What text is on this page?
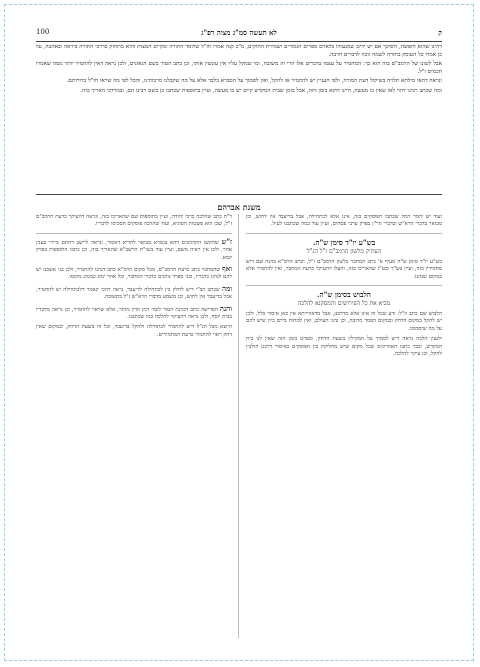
ק
לא תעשה סמ"ג מצוה רפ"ג
100

דהינו שהוא חופשה, ולפיכך אם יש ידים שמנעוהו בלאוים ספרים הגמורים ושמירת החוקים, מ"כ קנה אמרו חז"ל שלומד התורה ומקיים המצות והוא מתחזק בדרכי התורה ביראה ובאהבה, על כן אמרו כל העוסק בתורה לשמה זוכה לדברים הרבה.

אבל לשונו של הרמב"ם בזה הוא כך: המחמיר על עצמו בדברים אלו הרי זה משובח, ומי שמקל עליו אין עונשין אותו, וכן כתב הטור בשם הגאונים, ולכן נראה דאין להחמיר יותר ממה שאמרו חכמים ז"ל.

ונראה דהאי מילתא תלויה בשיקול דעת המורה, ולפי העניין יש להחמיר או להקל, ואין לסמוך על הסברא בלבד אלא על מה שקבלנו מרבותינו, והכל לפי מה שראו חז"ל בדורותם.

ומה שכתב רבינו דהוי לאו שאין בו מעשה, היינו דוקא בזמן הזה, אבל בזמן שבית המקדש קיים יש בו מעשה, ועיין בתוספות שכתבו כן בשם רבינו תם, ובמרדכי האריך בזה.

משנת אברהם

ועוד יש לומר דמה שכתבו הפוסקים בזה, אינו אלא לכתחילה, אבל בדיעבד אין לחוש, וכן מבואר בדברי הרא"ש ובדברי הר"ן בפרק ערבי פסחים, ועיין עוד במה שכתבנו לעיל.

בש"ע יו"ד סימן ש"ה.
העתיק מלשון הרמב"ם ז"ל הנ"ל

בש"ע יו"ד סימן ש"ה סעיף א' כתב המחבר כלשון הרמב"ם ז"ל, וכתב הרמ"א בהגה שם דיש מחמירין בזה, ועיין בש"ך ובט"ז שהאריכו בזה, והעלו דהעיקר כדעת המחבר, ואין להחמיר אלא במקום שנהגו.

הלבוש בסימן ש"ה.
מביא את כל הפירושים והמסקנא להלכה

הלבוש שם כתב וז"ל: ודע שכל זה אינו אלא מדרבנן, אבל מדאורייתא אין כאן איסור כלל, ולכן יש להקל במקום הדחק ובמקום הפסד מרובה, וכן נהגו העולם, ואין למחות בידם כיון שיש להם על מה שיסמוכו.

ולענין הלכה נראה דיש לסמוך על המקילין בשעת הדחק, ובפרט בזמן הזה שאין לנו בית המקדש, וכבר כתבו האחרונים שכל מקום שיש מחלוקת בין הפוסקים באיסור דרבנן הולכין להקל, וכן עיקר להלכה.

ר"ת כתב שהלכה כרבי יהודה, ועיין בתוספות שם שהאריכו בזה, ונראה דהעיקר כדעת הרמב"ם ז"ל, שכן הוא פשטות הסוגיא, ועוד שהרבה פוסקים הסכימו לדבריו.

ז"ש שהקשו הקדמונים דהא בגמרא מבואר להדיא דאסור, ונראה ליישב דהתם מיירי בענין אחר, ולכן אין ראיה משם, ועיין עוד בשו"ת הרשב"א שהאריך בזה, וכן כתבו התוספות בפרק קמא.

ואף שהמחבר כתב כדעת הרמב"ם, מכל מקום הרמ"א כתב דנהגו להחמיר, ולכן בני אשכנז יש להם לנהוג כדבריו, ובני ספרד נוהגים כדברי המחבר, וכל אחד ינהג כמנהג מקומו.

ומה שכתב הב"י דיש לחלק בין לכתחילה לדיעבד, נראה דהכי קאמר דלכתחילה יש להחמיר, אבל בדיעבד אין לחוש, וכן משמע מדברי הרא"ש ז"ל בתשובה.

והנה הפרישה כתב דכוונת הטור לומר דמן הדין מותר, אלא שראוי להחמיר, וכן נראה מדבריו בבית יוסף, ולכן נראה דהעיקר להלכה כמו שכתבנו.

היוצא מכל הנ"ל דיש להחמיר לכתחילה ולהקל בדיעבד, וכל זה בשעת הדחק, ובמקום שאין דחק ראוי להחמיר כדעת המחמירים.
